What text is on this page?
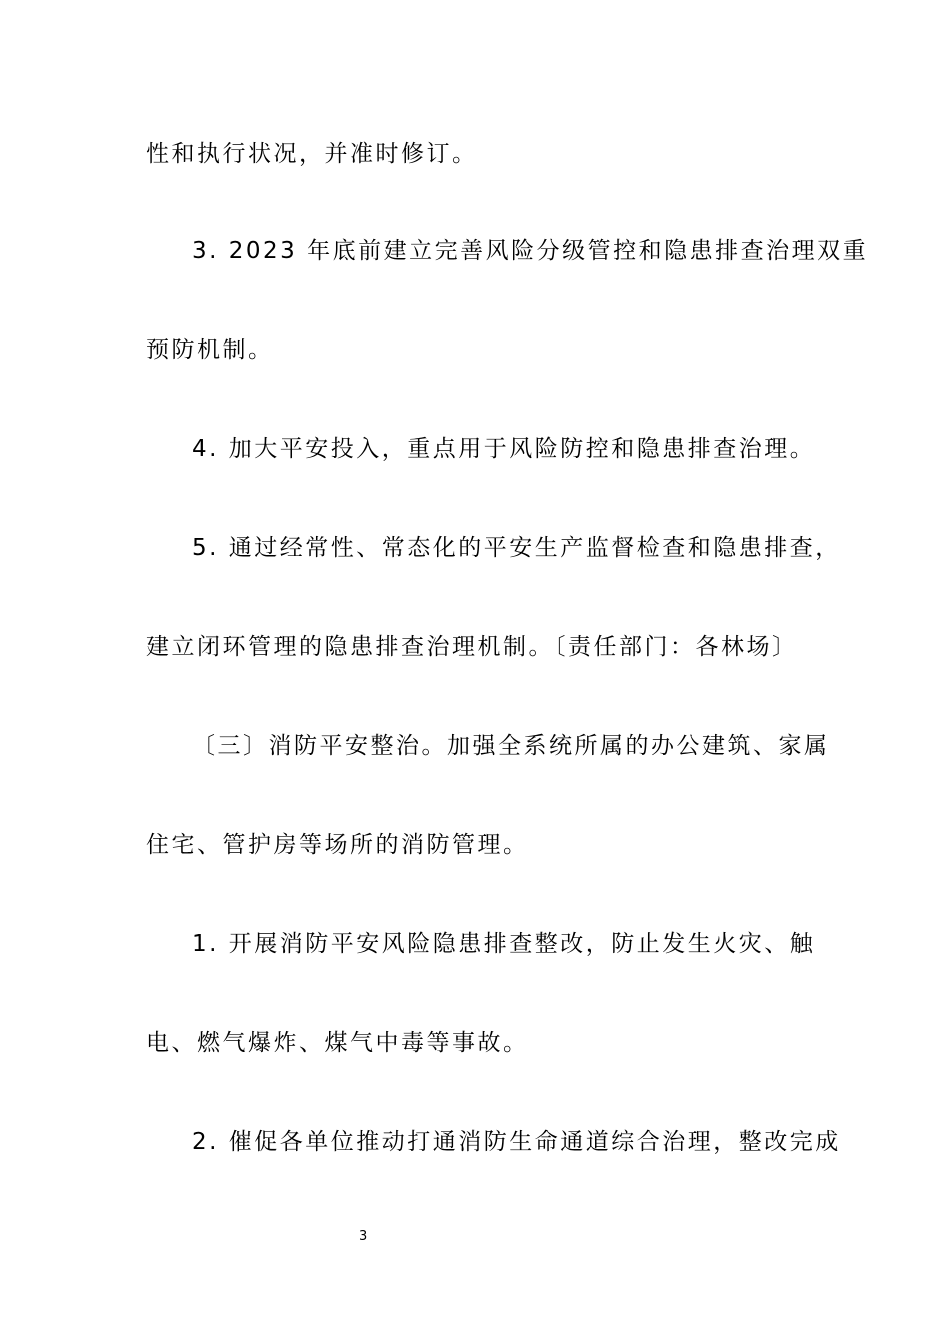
性和执行状况，并准时修订。
3. 2023 年底前建立完善风险分级管控和隐患排查治理双重
预防机制。
4. 加大平安投入，重点用于风险防控和隐患排查治理。
5. 通过经常性、常态化的平安生产监督检查和隐患排查，
建立闭环管理的隐患排查治理机制。〔责任部门：各林场〕
〔三〕消防平安整治。加强全系统所属的办公建筑、家属
住宅、管护房等场所的消防管理。
1. 开展消防平安风险隐患排查整改，防止发生火灾、触
电、燃气爆炸、煤气中毒等事故。
2. 催促各单位推动打通消防生命通道综合治理，整改完成
3
